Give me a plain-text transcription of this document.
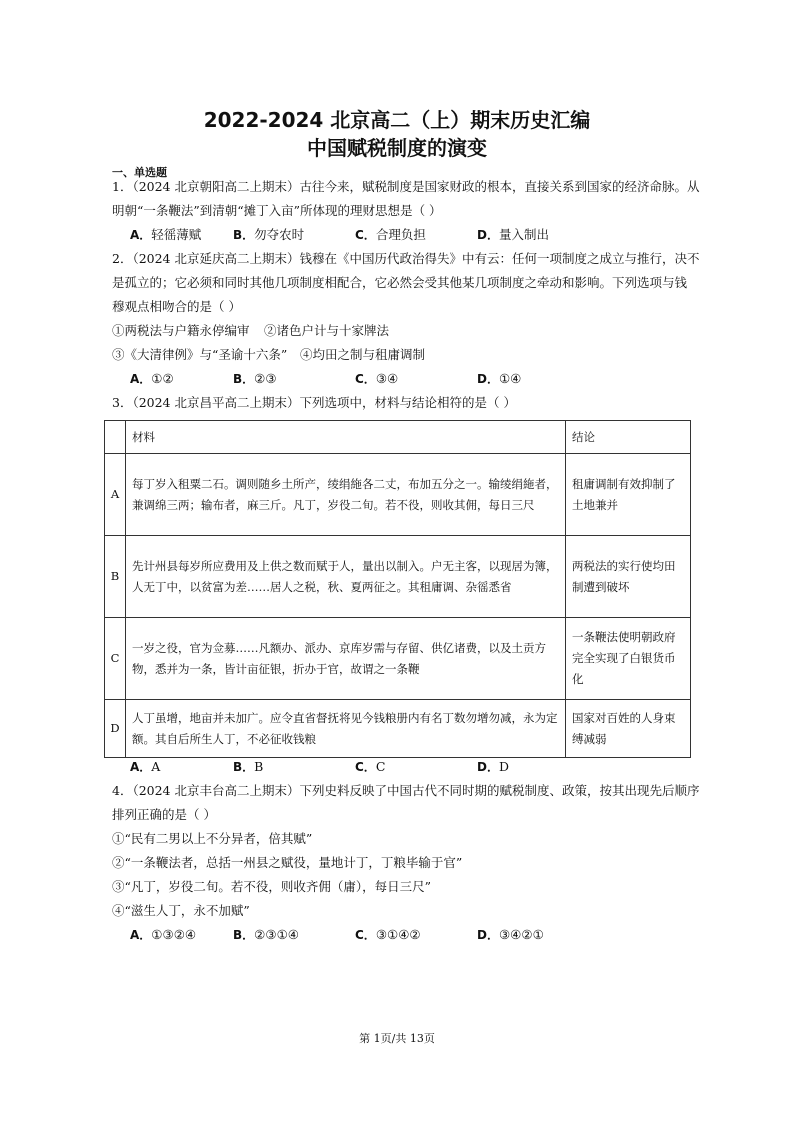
2022-2024 北京高二（上）期末历史汇编
中国赋税制度的演变
一、单选题
1．（2024 北京朝阳高二上期末）古往今来，赋税制度是国家财政的根本，直接关系到国家的经济命脉。从
明朝“一条鞭法”到清朝“摊丁入亩”所体现的理财思想是（ ）
A．轻徭薄赋	B．勿夺农时	C．合理负担	D．量入制出
2．（2024 北京延庆高二上期末）钱穆在《中国历代政治得失》中有云：任何一项制度之成立与推行，决不
是孤立的；它必须和同时其他几项制度相配合，它必然会受其他某几项制度之牵动和影响。下列选项与钱
穆观点相吻合的是（ ）
①两税法与户籍永停编审 ②诸色户计与十家牌法
③《大清律例》与“圣谕十六条” ④均田之制与租庸调制
A．①②	B．②③	C．③④	D．①④
3．（2024 北京昌平高二上期末）下列选项中，材料与结论相符的是（ ）
	材料	结论
A	每丁岁入租粟二石。调则随乡土所产，绫绢絁各二丈，布加五分之一。输绫绢絁者，兼调绵三两；输布者，麻三斤。凡丁，岁役二旬。若不役，则收其佣，每日三尺	租庸调制有效抑制了土地兼并
B	先计州县每岁所应费用及上供之数而赋于人，量出以制入。户无主客，以现居为簿，人无丁中，以贫富为差……居人之税，秋、夏两征之。其租庸调、杂徭悉省	两税法的实行使均田制遭到破坏
C	一岁之役，官为佥募……凡额办、派办、京库岁需与存留、供亿诸费，以及土贡方物，悉并为一条，皆计亩征银，折办于官，故谓之一条鞭	一条鞭法使明朝政府完全实现了白银货币化
D	人丁虽增，地亩并未加广。应令直省督抚将见今钱粮册内有名丁数勿增勿减，永为定额。其自后所生人丁，不必征收钱粮	国家对百姓的人身束缚减弱
A．A	B．B	C．C	D．D
4．（2024 北京丰台高二上期末）下列史料反映了中国古代不同时期的赋税制度、政策，按其出现先后顺序
排列正确的是（ ）
①“民有二男以上不分异者，倍其赋”
②“一条鞭法者，总括一州县之赋役，量地计丁，丁粮毕输于官”
③“凡丁，岁役二旬。若不役，则收齐佣（庸），每日三尺”
④“滋生人丁，永不加赋”
A．①③②④	B．②③①④	C．③①④②	D．③④②①
第 1页/共 13页
